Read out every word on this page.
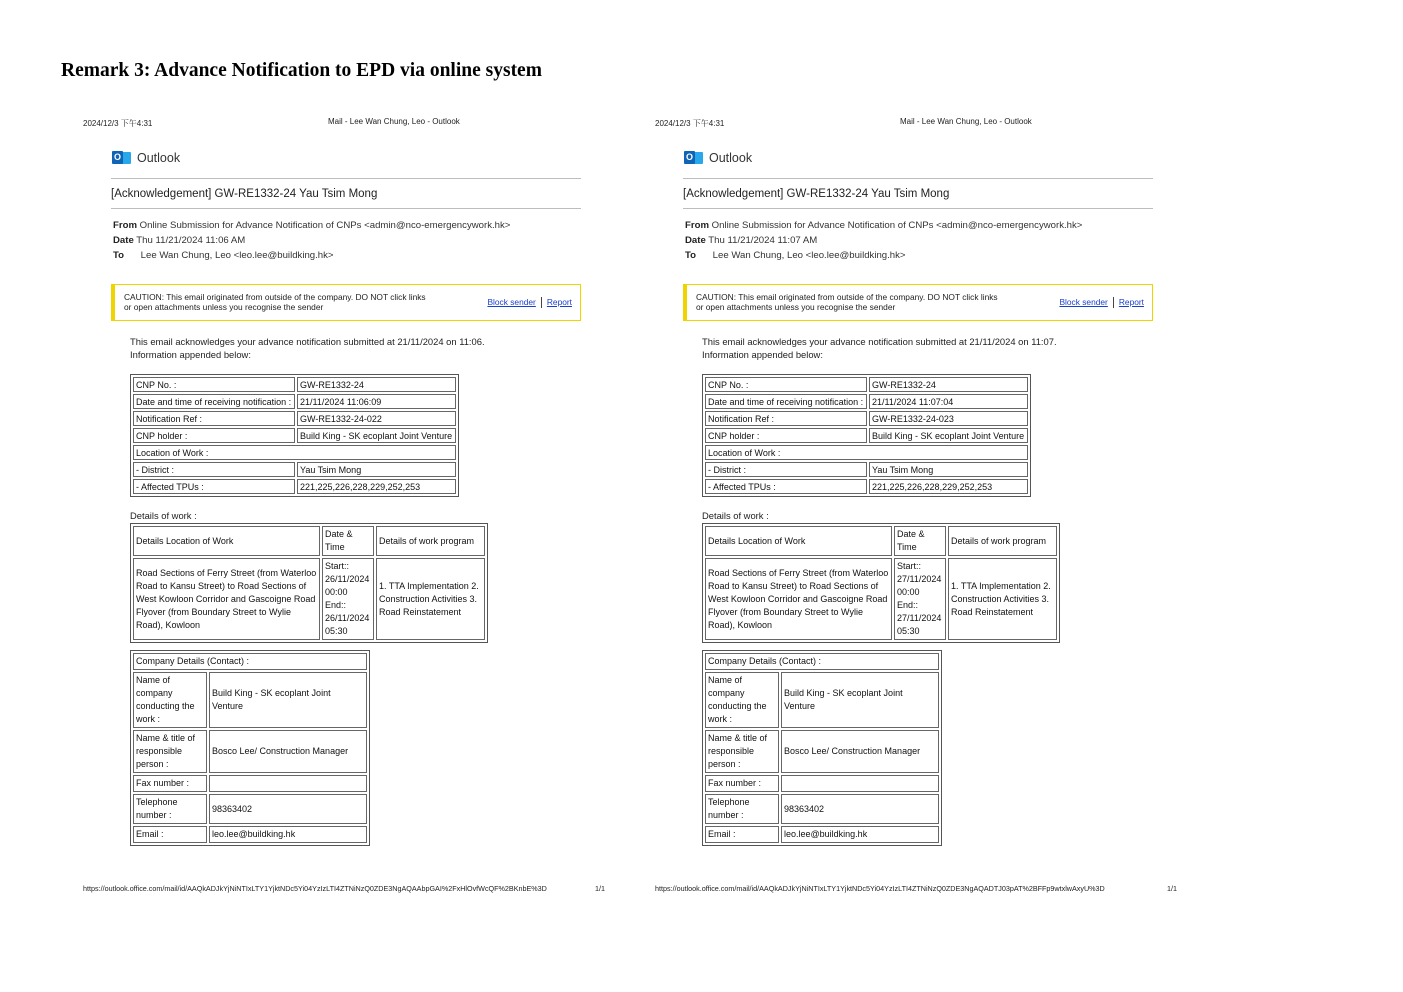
Remark 3: Advance Notification to EPD via online system
2024/12/3 下午4:31	Mail - Lee Wan Chung, Leo - Outlook
O Outlook
[Acknowledgement] GW-RE1332-24 Yau Tsim Mong
From Online Submission for Advance Notification of CNPs <admin@nco-emergencywork.hk>
Date Thu 11/21/2024 11:06 AM
To Lee Wan Chung, Leo <leo.lee@buildking.hk>
CAUTION: This email originated from outside of the company. DO NOT click links
or open attachments unless you recognise the sender	Block sender Report
This email acknowledges your advance notification submitted at 21/11/2024 on 11:06.
Information appended below:
CNP No. :	GW-RE1332-24
Date and time of receiving notification :	21/11/2024 11:06:09
Notification Ref :	GW-RE1332-24-022
CNP holder :	Build King - SK ecoplant Joint Venture
Location of Work :	
- District :	Yau Tsim Mong
- Affected TPUs :	221,225,226,228,229,252,253
Details of work :
Details Location of Work	Date & Time	Details of work program
Road Sections of Ferry Street (from Waterloo Road to Kansu Street) to Road Sections of West Kowloon Corridor and Gascoigne Road Flyover (from Boundary Street to Wylie Road), Kowloon	Start:: 26/11/2024 00:00 End:: 26/11/2024 05:30	1. TTA Implementation 2. Construction Activities 3. Road Reinstatement
Company Details (Contact) :	
Name of company conducting the work :	Build King - SK ecoplant Joint Venture
Name & title of responsible person :	Bosco Lee/ Construction Manager
Fax number :	
Telephone number :	98363402
Email :	leo.lee@buildking.hk
https://outlook.office.com/mail/id/AAQkADJkYjNiNTIxLTY1YjktNDc5Yi04YzIzLTI4ZTNiNzQ0ZDE3NgAQAAbpGAI%2FxHlOvfWcQF%2BKnbE%3D	1/1
2024/12/3 下午4:31	Mail - Lee Wan Chung, Leo - Outlook
O Outlook
[Acknowledgement] GW-RE1332-24 Yau Tsim Mong
From Online Submission for Advance Notification of CNPs <admin@nco-emergencywork.hk>
Date Thu 11/21/2024 11:07 AM
To Lee Wan Chung, Leo <leo.lee@buildking.hk>
CAUTION: This email originated from outside of the company. DO NOT click links
or open attachments unless you recognise the sender	Block sender Report
This email acknowledges your advance notification submitted at 21/11/2024 on 11:07.
Information appended below:
CNP No. :	GW-RE1332-24
Date and time of receiving notification :	21/11/2024 11:07:04
Notification Ref :	GW-RE1332-24-023
CNP holder :	Build King - SK ecoplant Joint Venture
Location of Work :	
- District :	Yau Tsim Mong
- Affected TPUs :	221,225,226,228,229,252,253
Details of work :
Details Location of Work	Date & Time	Details of work program
Road Sections of Ferry Street (from Waterloo Road to Kansu Street) to Road Sections of West Kowloon Corridor and Gascoigne Road Flyover (from Boundary Street to Wylie Road), Kowloon	Start:: 27/11/2024 00:00 End:: 27/11/2024 05:30	1. TTA Implementation 2. Construction Activities 3. Road Reinstatement
Company Details (Contact) :	
Name of company conducting the work :	Build King - SK ecoplant Joint Venture
Name & title of responsible person :	Bosco Lee/ Construction Manager
Fax number :	
Telephone number :	98363402
Email :	leo.lee@buildking.hk
https://outlook.office.com/mail/id/AAQkADJkYjNiNTIxLTY1YjktNDc5Yi04YzIzLTI4ZTNiNzQ0ZDE3NgAQADTJ03pAT%2BFFp9wtxlwAxyU%3D	1/1
